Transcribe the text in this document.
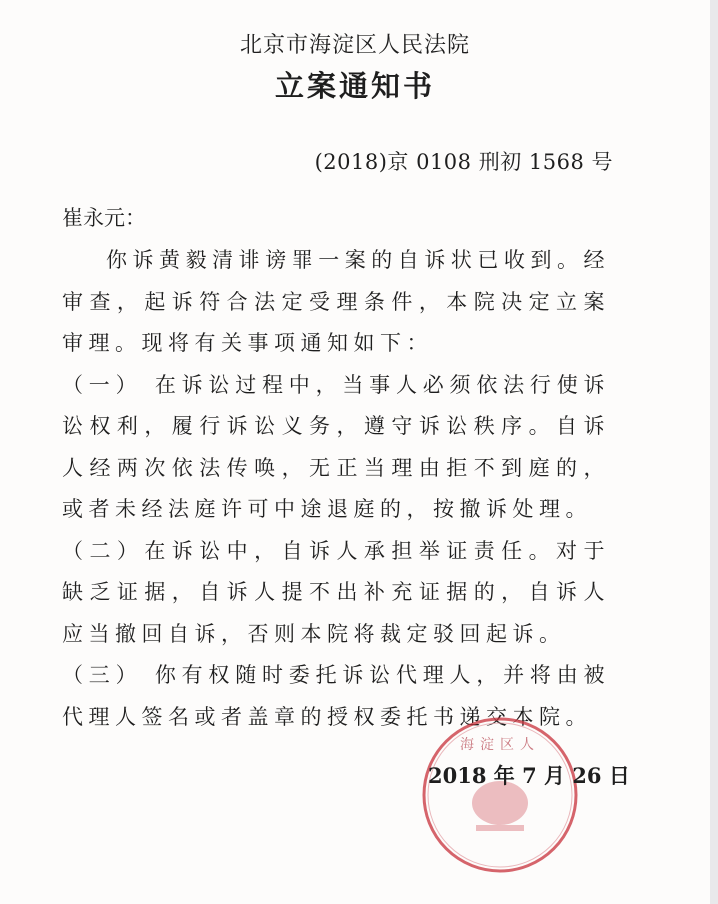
北京市海淀区人民法院
立案通知书
(2018)京 0108 刑初 1568 号
崔永元：

你诉黄毅清诽谤罪一案的自诉状已收到。经审查，起诉符合法定受理条件，本院决定立案审理。现将有关事项通知如下：

（一） 在诉讼过程中，当事人必须依法行使诉讼权利，履行诉讼义务，遵守诉讼秩序。自诉人经两次依法传唤，无正当理由拒不到庭的，或者未经法庭许可中途退庭的，按撤诉处理。

（二）在诉讼中，自诉人承担举证责任。对于缺乏证据，自诉人提不出补充证据的，自诉人应当撤回自诉，否则本院将裁定驳回起诉。

（三） 你有权随时委托诉讼代理人，并将由被代理人签名或者盖章的授权委托书递交本院。

海淀区人
2018 年 7 月 26 日
